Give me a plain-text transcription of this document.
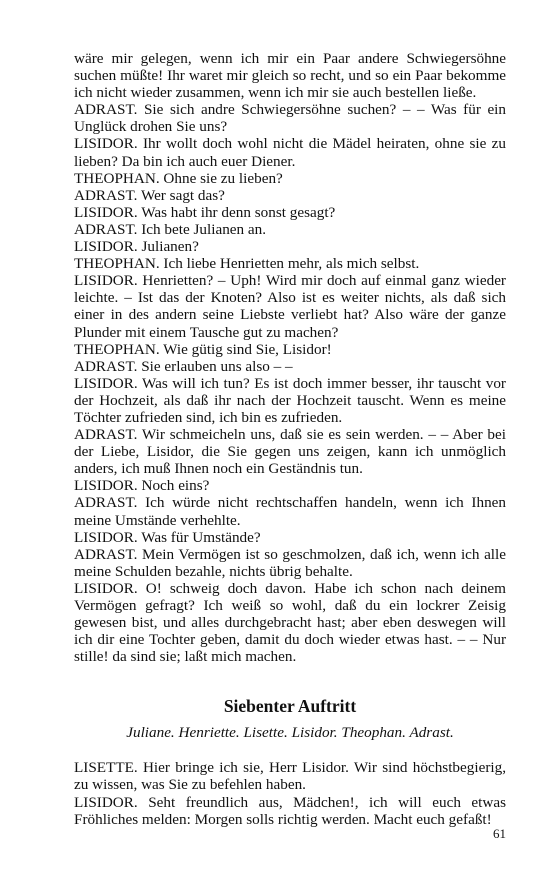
wäre mir gelegen, wenn ich mir ein Paar andere Schwiegersöhne suchen müßte! Ihr waret mir gleich so recht, und so ein Paar bekomme ich nicht wieder zusammen, wenn ich mir sie auch bestellen ließe.

ADRAST. Sie sich andre Schwiegersöhne suchen? – – Was für ein Unglück drohen Sie uns?

LISIDOR. Ihr wollt doch wohl nicht die Mädel heiraten, ohne sie zu lieben? Da bin ich auch euer Diener.

THEOPHAN. Ohne sie zu lieben?

ADRAST. Wer sagt das?

LISIDOR. Was habt ihr denn sonst gesagt?

ADRAST. Ich bete Julianen an.

LISIDOR. Julianen?

THEOPHAN. Ich liebe Henrietten mehr, als mich selbst.

LISIDOR. Henrietten? – Uph! Wird mir doch auf einmal ganz wieder leichte. – Ist das der Knoten? Also ist es weiter nichts, als daß sich einer in des andern seine Liebste verliebt hat? Also wäre der ganze Plunder mit einem Tausche gut zu machen?

THEOPHAN. Wie gütig sind Sie, Lisidor!

ADRAST. Sie erlauben uns also – –

LISIDOR. Was will ich tun? Es ist doch immer besser, ihr tauscht vor der Hochzeit, als daß ihr nach der Hochzeit tauscht. Wenn es meine Töchter zufrieden sind, ich bin es zufrieden.

ADRAST. Wir schmeicheln uns, daß sie es sein werden. – – Aber bei der Liebe, Lisidor, die Sie gegen uns zeigen, kann ich unmöglich anders, ich muß Ihnen noch ein Geständnis tun.

LISIDOR. Noch eins?

ADRAST. Ich würde nicht rechtschaffen handeln, wenn ich Ihnen meine Umstände verhehlte.

LISIDOR. Was für Umstände?

ADRAST. Mein Vermögen ist so geschmolzen, daß ich, wenn ich alle meine Schulden bezahle, nichts übrig behalte.

LISIDOR. O! schweig doch davon. Habe ich schon nach deinem Vermögen gefragt? Ich weiß so wohl, daß du ein lockrer Zeisig gewesen bist, und alles durchgebracht hast; aber eben deswegen will ich dir eine Tochter geben, damit du doch wieder etwas hast. – – Nur stille! da sind sie; laßt mich machen.

Siebenter Auftritt

Juliane. Henriette. Lisette. Lisidor. Theophan. Adrast.

LISETTE. Hier bringe ich sie, Herr Lisidor. Wir sind höchstbegierig, zu wissen, was Sie zu befehlen haben.

LISIDOR. Seht freundlich aus, Mädchen!, ich will euch etwas Fröhliches melden: Morgen solls richtig werden. Macht euch gefaßt!

61
